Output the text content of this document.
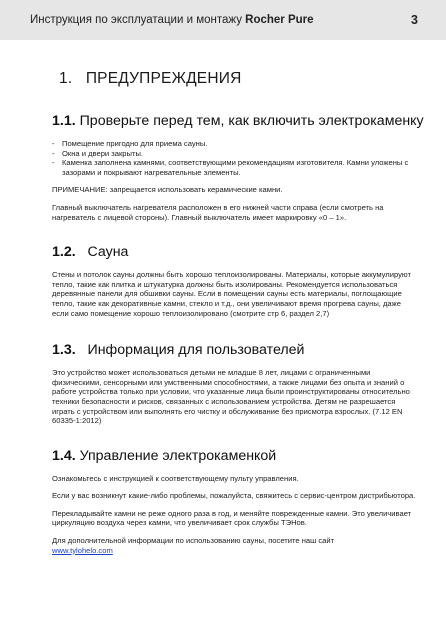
Инструкция по эксплуатации и монтажу Rocher Pure	3
1.   ПРЕДУПРЕЖДЕНИЯ
1.1. Проверьте перед тем, как включить электрокаменку
- Помещение пригодно для приема сауны.
- Окна и двери закрыты.
- Каменка заполнена камнями, соответствующими рекомендациям изготовителя. Камни уложены с зазорами и покрывают нагревательные элементы.

ПРИМЕЧАНИЕ: запрещается использовать керамические камни.

Главный выключатель нагревателя расположен в его нижней части справа (если смотреть на нагреватель с лицевой стороны). Главный выключатель имеет маркировку «0 – 1».

1.2.   Сауна

Стены и потолок сауны должны быть хорошо теплоизолированы. Материалы, которые аккумулируют тепло, такие как плитка и штукатурка должны быть изолированы. Рекомендуется использоваться деревянные панели для обшивки сауны. Если в помещении сауны есть материалы, поглощающие тепло, такие как декоративные камни, стекло и т.д., они увеличивают время прогрева сауны, даже если само помещение хорошо теплоизолировано (смотрите стр 6, раздел 2,7)

1.3.   Информация для пользователей

Это устройство может использоваться детьми не младше 8 лет, лицами с ограниченными физическими, сенсорными или умственными способностями, а также лицами без опыта и знаний о работе устройства только при условии, что указанные лица были проинструктированы относительно техники безопасности и рисков, связанных с использованием устройства. Детям не разрешается играть с устройством или выполнять его чистку и обслуживание без присмотра взрослых. (7.12 EN 60335-1:2012)

1.4. Управление электрокаменкой

Ознакомьтесь с инструкцией к соответствующему пульту управления.

Если у вас возникнут какие-либо проблемы, пожалуйста, свяжитесь с сервис-центром дистрибьютора.

Перекладывайте камни не реже одного раза в год, и меняйте поврежденные камни. Это увеличивает циркуляцию воздуха через камни, что увеличивает срок службы ТЭНов.

Для дополнительной информации по использованию сауны, посетите наш сайт
www.tylohelo.com
